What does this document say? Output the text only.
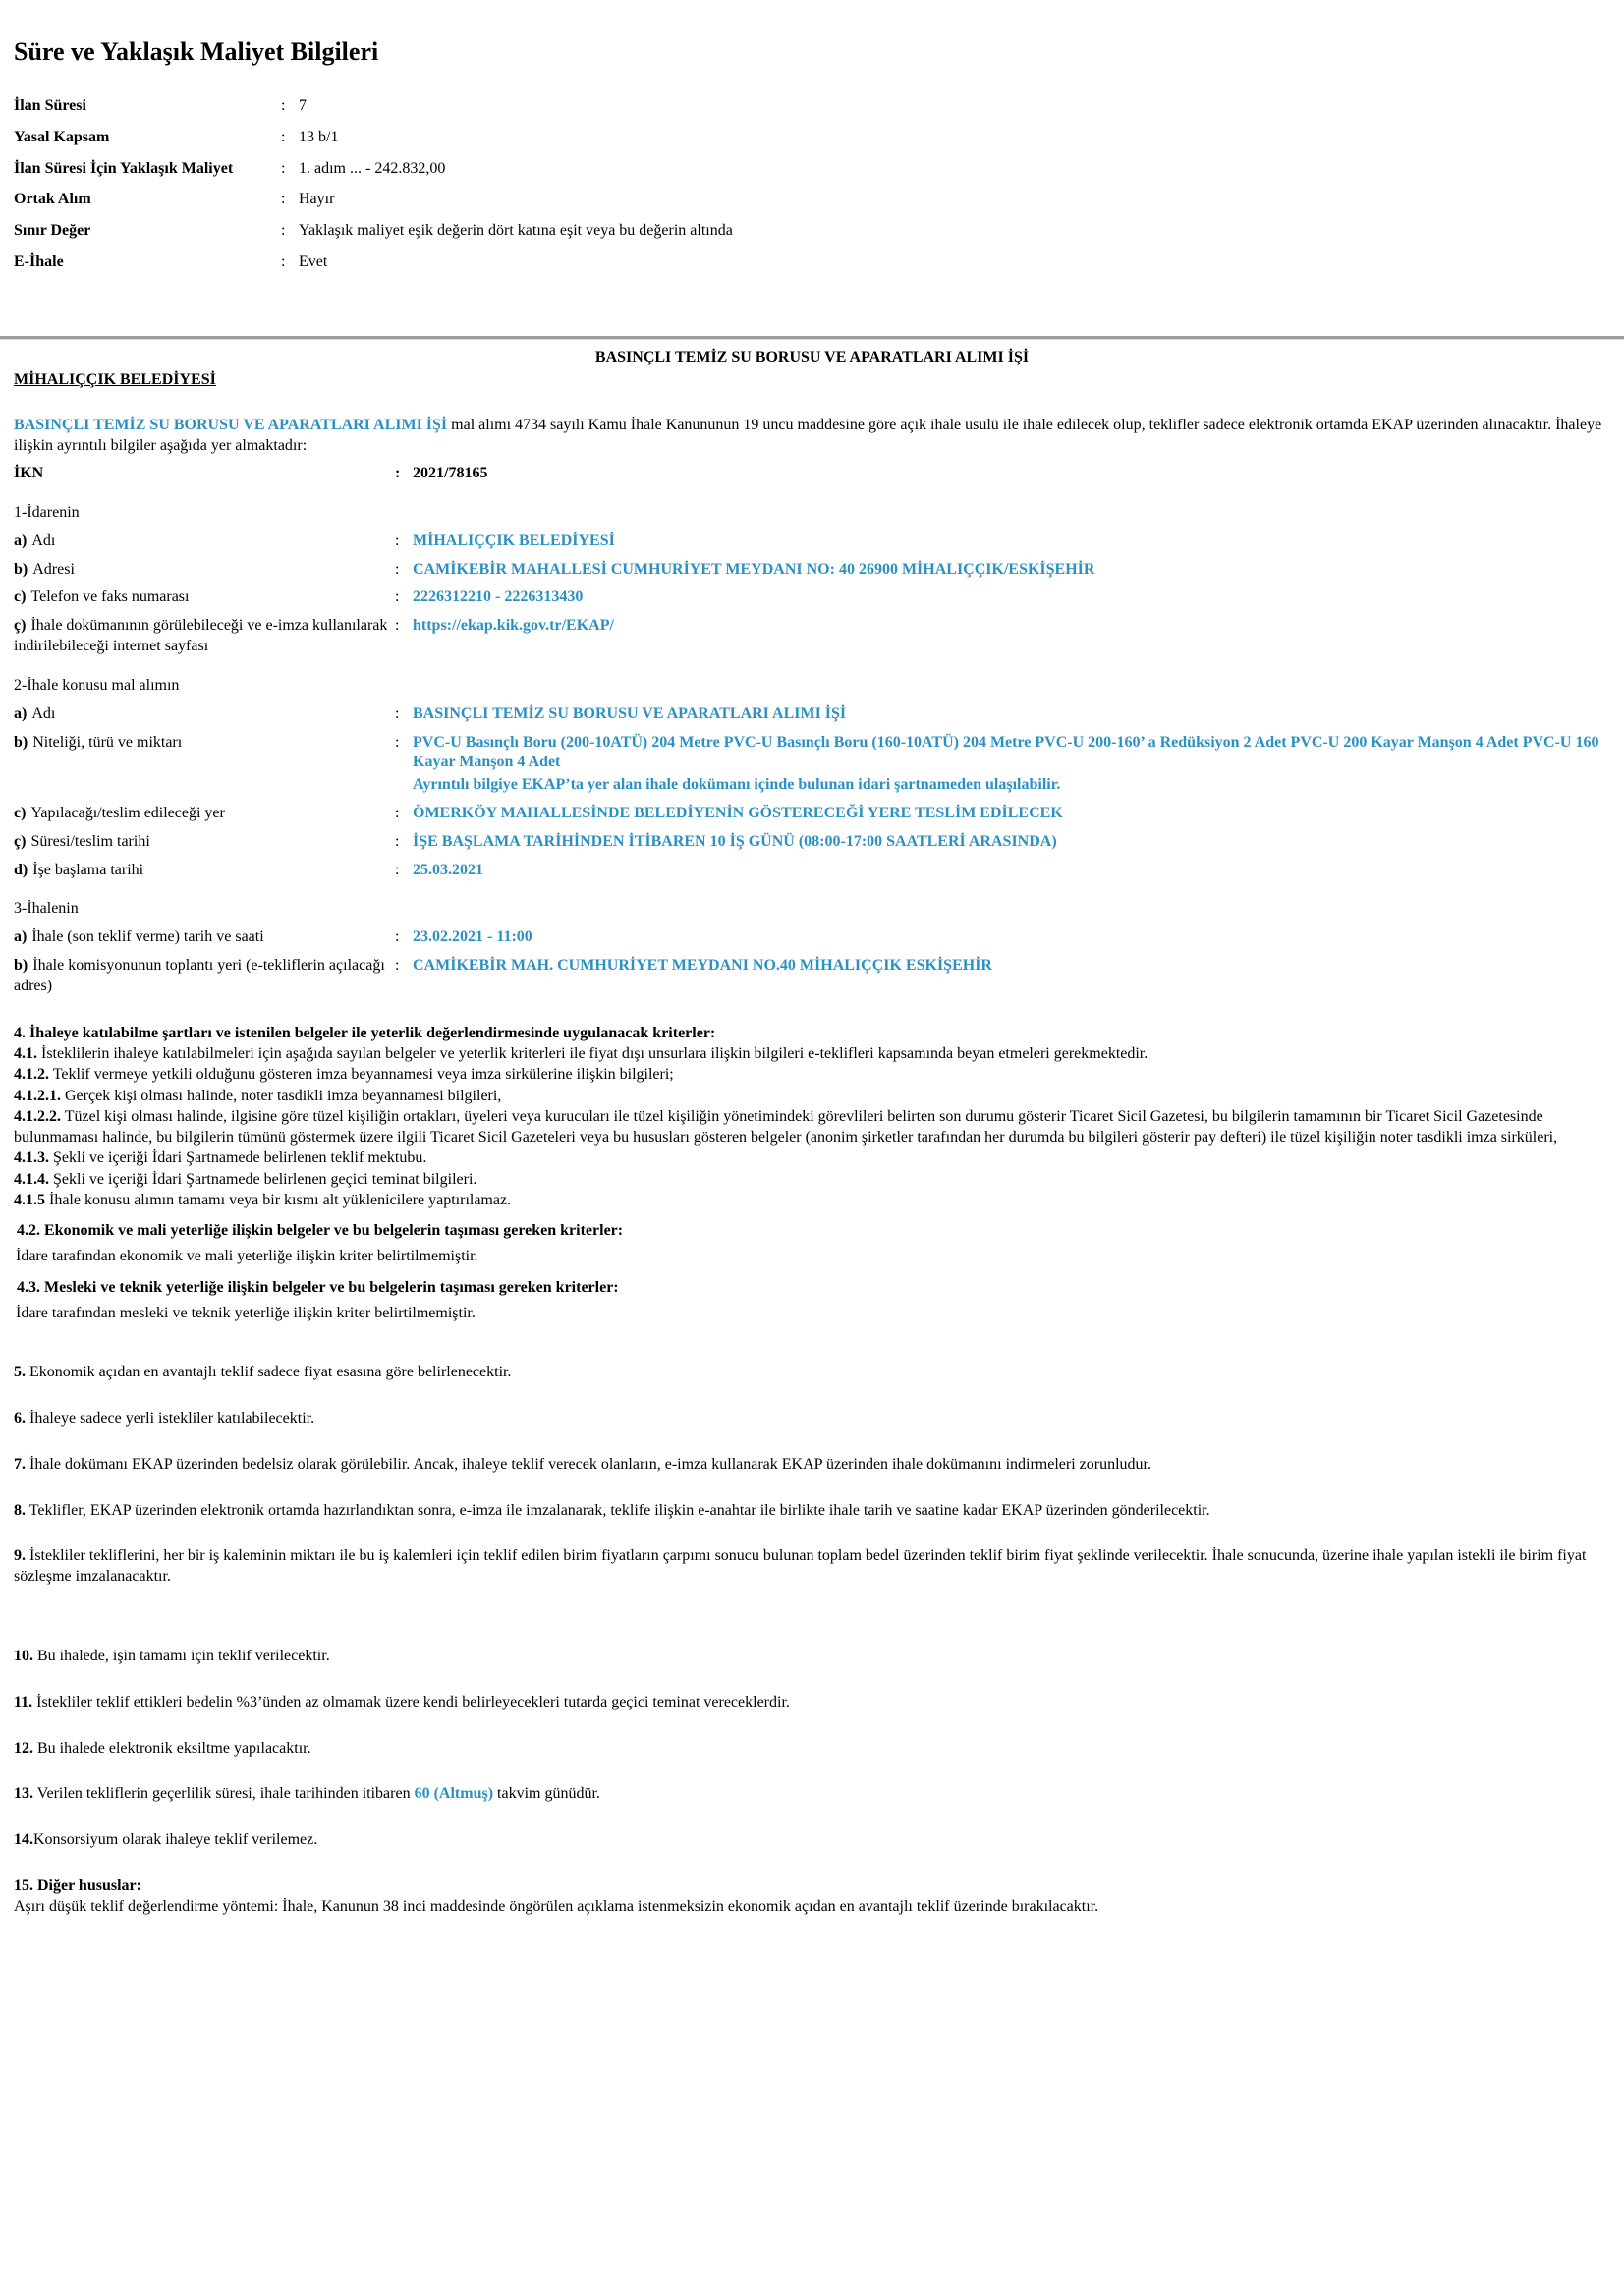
Süre ve Yaklaşık Maliyet Bilgileri
İlan Süresi	: 7
Yasal Kapsam	: 13 b/1
İlan Süresi İçin Yaklaşık Maliyet	: 1. adım ... - 242.832,00
Ortak Alım	: Hayır
Sınır Değer	: Yaklaşık maliyet eşik değerin dört katına eşit veya bu değerin altında
E-İhale	: Evet
BASINÇLI TEMİZ SU BORUSU VE APARATLARI ALIMI İŞİ
MİHALIÇÇIK BELEDİYESİ

BASINÇLI TEMİZ SU BORUSU VE APARATLARI ALIMI İŞİ mal alımı 4734 sayılı Kamu İhale Kanununun 19 uncu maddesine göre açık ihale usulü ile ihale edilecek olup, teklifler sadece elektronik ortamda EKAP üzerinden alınacaktır. İhaleye ilişkin ayrıntılı bilgiler aşağıda yer almaktadır:

İKN	: 2021/78165
1-İdarenin
a) Adı	: MİHALIÇÇIK BELEDİYESİ
b) Adresi	: CAMİKEBİR MAHALLESİ CUMHURİYET MEYDANI NO: 40 26900 MİHALIÇÇIK/ESKİŞEHİR
c) Telefon ve faks numarası	: 2226312210 - 2226313430
ç) İhale dokümanının görülebileceği ve e-imza kullanılarak indirilebileceği internet sayfası
: https://ekap.kik.gov.tr/EKAP/
2-İhale konusu mal alımın
a) Adı	: BASINÇLI TEMİZ SU BORUSU VE APARATLARI ALIMI İŞİ
b) Niteliği, türü ve miktarı	: PVC-U Basınçlı Boru (200-10ATÜ) 204 Metre PVC-U Basınçlı Boru (160-10ATÜ) 204 Metre PVC-U 200-160’ a Redüksiyon 2 Adet PVC-U 200 Kayar Manşon 4 Adet PVC-U 160 Kayar Manşon 4 Adet
Ayrıntılı bilgiye EKAP’ta yer alan ihale dokümanı içinde bulunan idari şartnameden ulaşılabilir.
c) Yapılacağı/teslim edileceği yer	: ÖMERKÖY MAHALLESİNDE BELEDİYENİN GÖSTERECEĞİ YERE TESLİM EDİLECEK
ç) Süresi/teslim tarihi	: İŞE BAŞLAMA TARİHİNDEN İTİBAREN 10 İŞ GÜNÜ (08:00-17:00 SAATLERİ ARASINDA)
d) İşe başlama tarihi	: 25.03.2021
3-İhalenin
a) İhale (son teklif verme) tarih ve saati	: 23.02.2021 - 11:00
b) İhale komisyonunun toplantı yeri (e-tekliflerin açılacağı adres)
: CAMİKEBİR MAH. CUMHURİYET MEYDANI NO.40 MİHALIÇÇIK ESKİŞEHİR

4. İhaleye katılabilme şartları ve istenilen belgeler ile yeterlik değerlendirmesinde uygulanacak kriterler:

4.1. İsteklilerin ihaleye katılabilmeleri için aşağıda sayılan belgeler ve yeterlik kriterleri ile fiyat dışı unsurlara ilişkin bilgileri e-teklifleri kapsamında beyan etmeleri gerekmektedir.

4.1.2. Teklif vermeye yetkili olduğunu gösteren imza beyannamesi veya imza sirkülerine ilişkin bilgileri;

4.1.2.1. Gerçek kişi olması halinde, noter tasdikli imza beyannamesi bilgileri,

4.1.2.2. Tüzel kişi olması halinde, ilgisine göre tüzel kişiliğin ortakları, üyeleri veya kurucuları ile tüzel kişiliğin yönetimindeki görevlileri belirten son durumu gösterir Ticaret Sicil Gazetesi, bu bilgilerin tamamının bir Ticaret Sicil Gazetesinde bulunmaması halinde, bu bilgilerin tümünü göstermek üzere ilgili Ticaret Sicil Gazeteleri veya bu hususları gösteren belgeler (anonim şirketler tarafından her durumda bu bilgileri gösterir pay defteri) ile tüzel kişiliğin noter tasdikli imza sirküleri,

4.1.3. Şekli ve içeriği İdari Şartnamede belirlenen teklif mektubu.

4.1.4. Şekli ve içeriği İdari Şartnamede belirlenen geçici teminat bilgileri.

4.1.5 İhale konusu alımın tamamı veya bir kısmı alt yüklenicilere yaptırılamaz.

4.2. Ekonomik ve mali yeterliğe ilişkin belgeler ve bu belgelerin taşıması gereken kriterler:

İdare tarafından ekonomik ve mali yeterliğe ilişkin kriter belirtilmemiştir.

4.3. Mesleki ve teknik yeterliğe ilişkin belgeler ve bu belgelerin taşıması gereken kriterler:

İdare tarafından mesleki ve teknik yeterliğe ilişkin kriter belirtilmemiştir.

5. Ekonomik açıdan en avantajlı teklif sadece fiyat esasına göre belirlenecektir.

6. İhaleye sadece yerli istekliler katılabilecektir.

7. İhale dokümanı EKAP üzerinden bedelsiz olarak görülebilir. Ancak, ihaleye teklif verecek olanların, e-imza kullanarak EKAP üzerinden ihale dokümanını indirmeleri zorunludur.

8. Teklifler, EKAP üzerinden elektronik ortamda hazırlandıktan sonra, e-imza ile imzalanarak, teklife ilişkin e-anahtar ile birlikte ihale tarih ve saatine kadar EKAP üzerinden gönderilecektir.

9. İstekliler tekliflerini, her bir iş kaleminin miktarı ile bu iş kalemleri için teklif edilen birim fiyatların çarpımı sonucu bulunan toplam bedel üzerinden teklif birim fiyat şeklinde verilecektir. İhale sonucunda, üzerine ihale yapılan istekli ile birim fiyat sözleşme imzalanacaktır.

10. Bu ihalede, işin tamamı için teklif verilecektir.

11. İstekliler teklif ettikleri bedelin %3’ünden az olmamak üzere kendi belirleyecekleri tutarda geçici teminat vereceklerdir.

12. Bu ihalede elektronik eksiltme yapılacaktır.

13. Verilen tekliflerin geçerlilik süresi, ihale tarihinden itibaren 60 (Altmuş) takvim günüdür.

14.Konsorsiyum olarak ihaleye teklif verilemez.

15. Diğer hususlar:

Aşırı düşük teklif değerlendirme yöntemi: İhale, Kanunun 38 inci maddesinde öngörülen açıklama istenmeksizin ekonomik açıdan en avantajlı teklif üzerinde bırakılacaktır.
